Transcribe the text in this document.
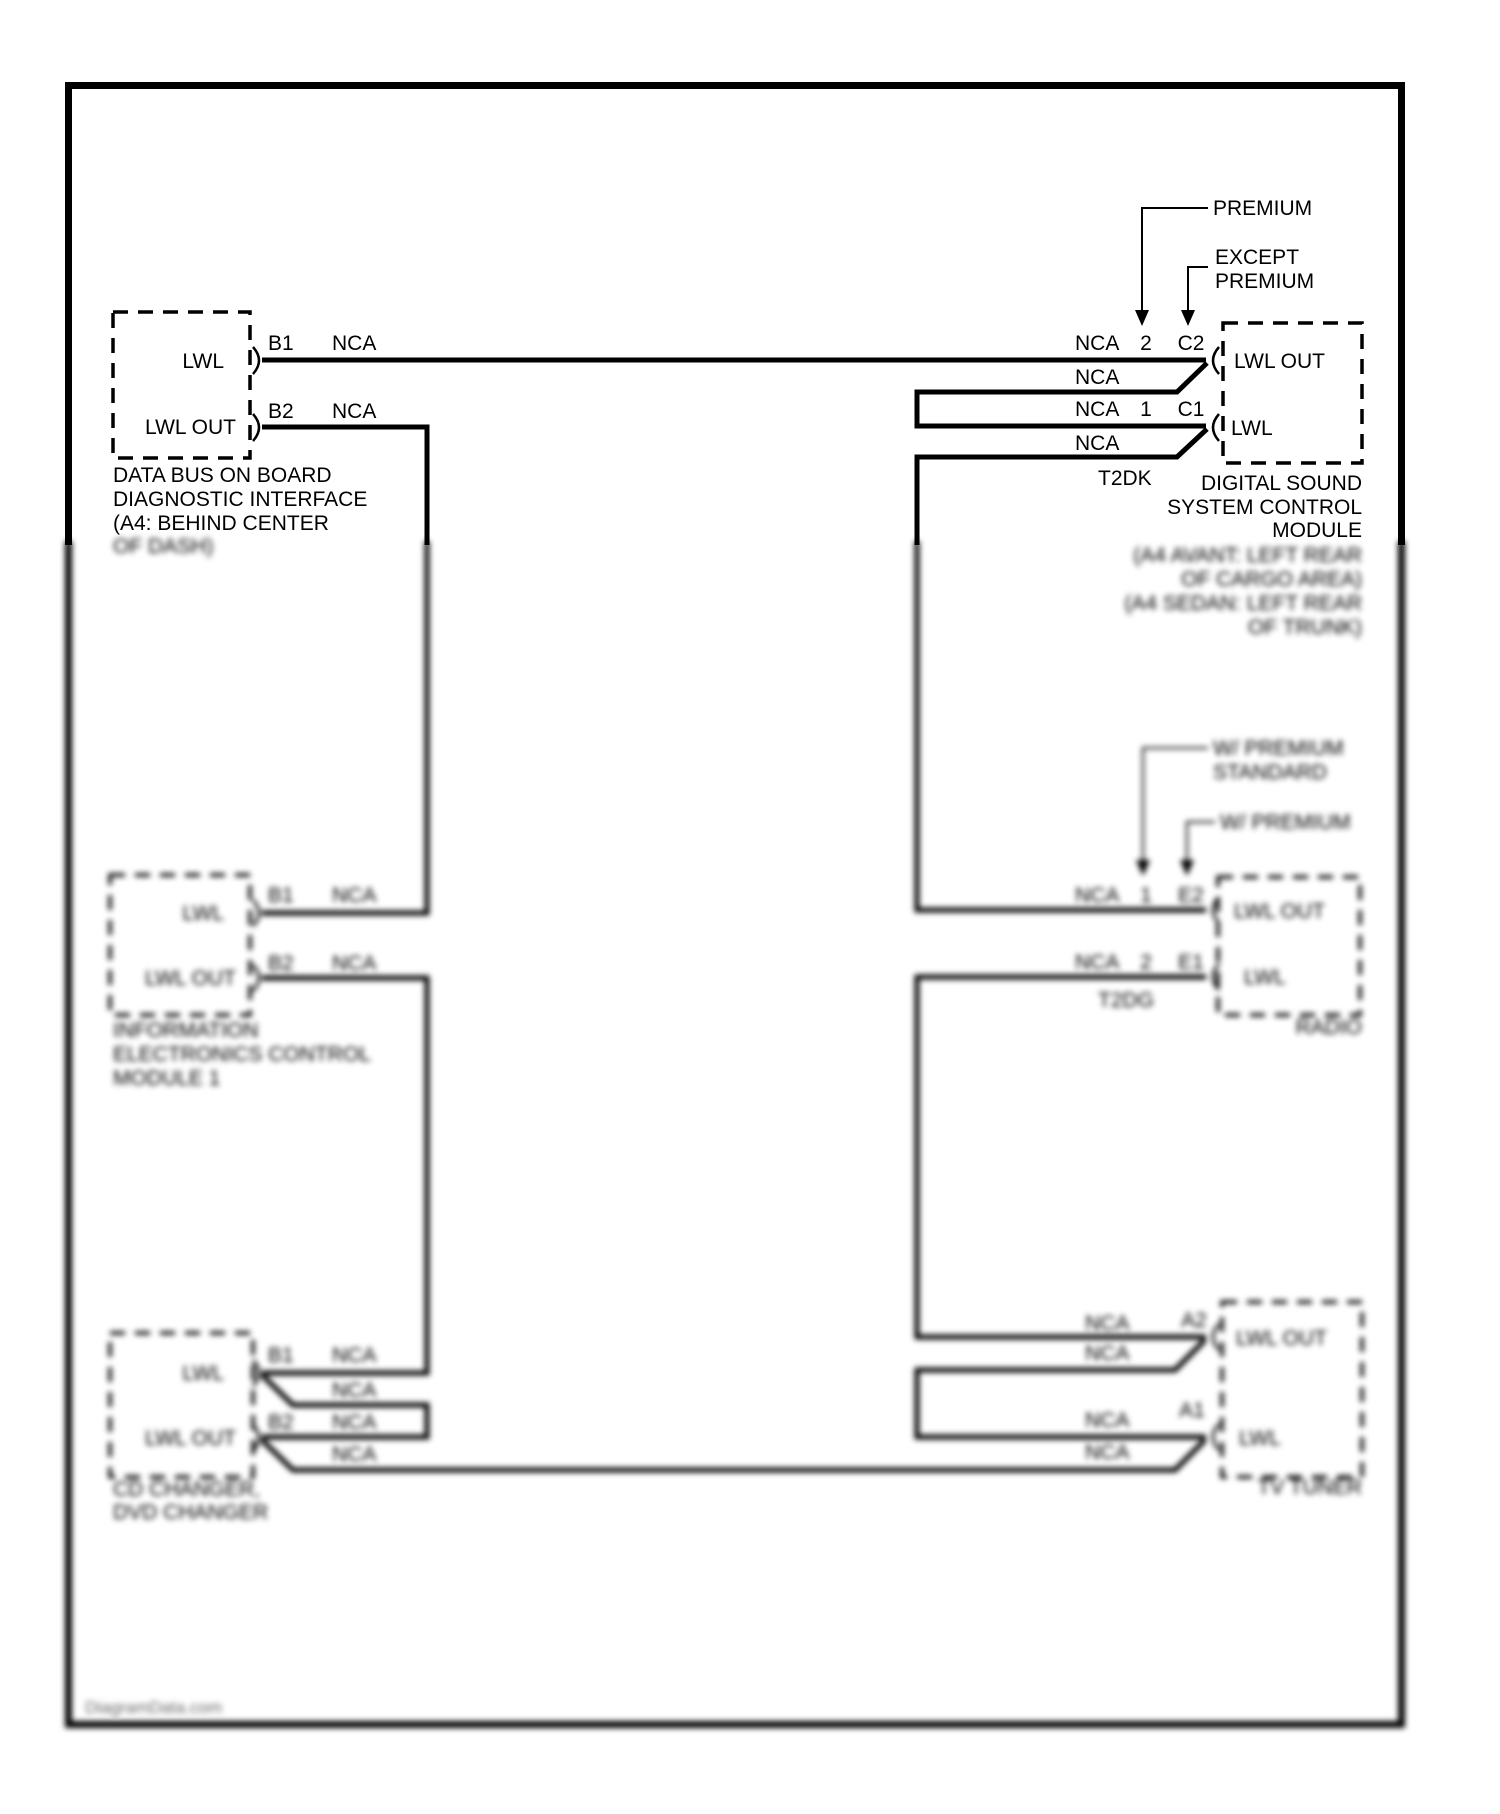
LWL
LWL OUT
B1 NCA
B2 NCA
DATA BUS ON BOARD
DIAGNOSTIC INTERFACE
(A4: BEHIND CENTER
NCA 2 C2
NCA
NCA 1 C1
NCA
T2DK
LWL OUT
LWL
DIGITAL SOUND
SYSTEM CONTROL
MODULE
PREMIUM
EXCEPT
PREMIUM
OF DASH)	(A4 AVANT: LEFT REAR
OF CARGO AREA)
(A4 SEDAN: LEFT REAR
OF TRUNK)
LWL
LWL OUT
B1 NCA
B2 NCA
INFORMATION
ELECTRONICS CONTROL
MODULE 1
NCA 1 E2
LWL OUT
NCA 2 E1
LWL
T2DG
RADIO
W/ PREMIUM
STANDARD
W/ PREMIUM
LWL
LWL OUT
B1 NCA
NCA
B2 NCA
NCA
CD CHANGER,
DVD CHANGER
NCA A2
LWL OUT
NCA
NCA A1
LWL
NCA
TV TUNER
DiagramData.com
